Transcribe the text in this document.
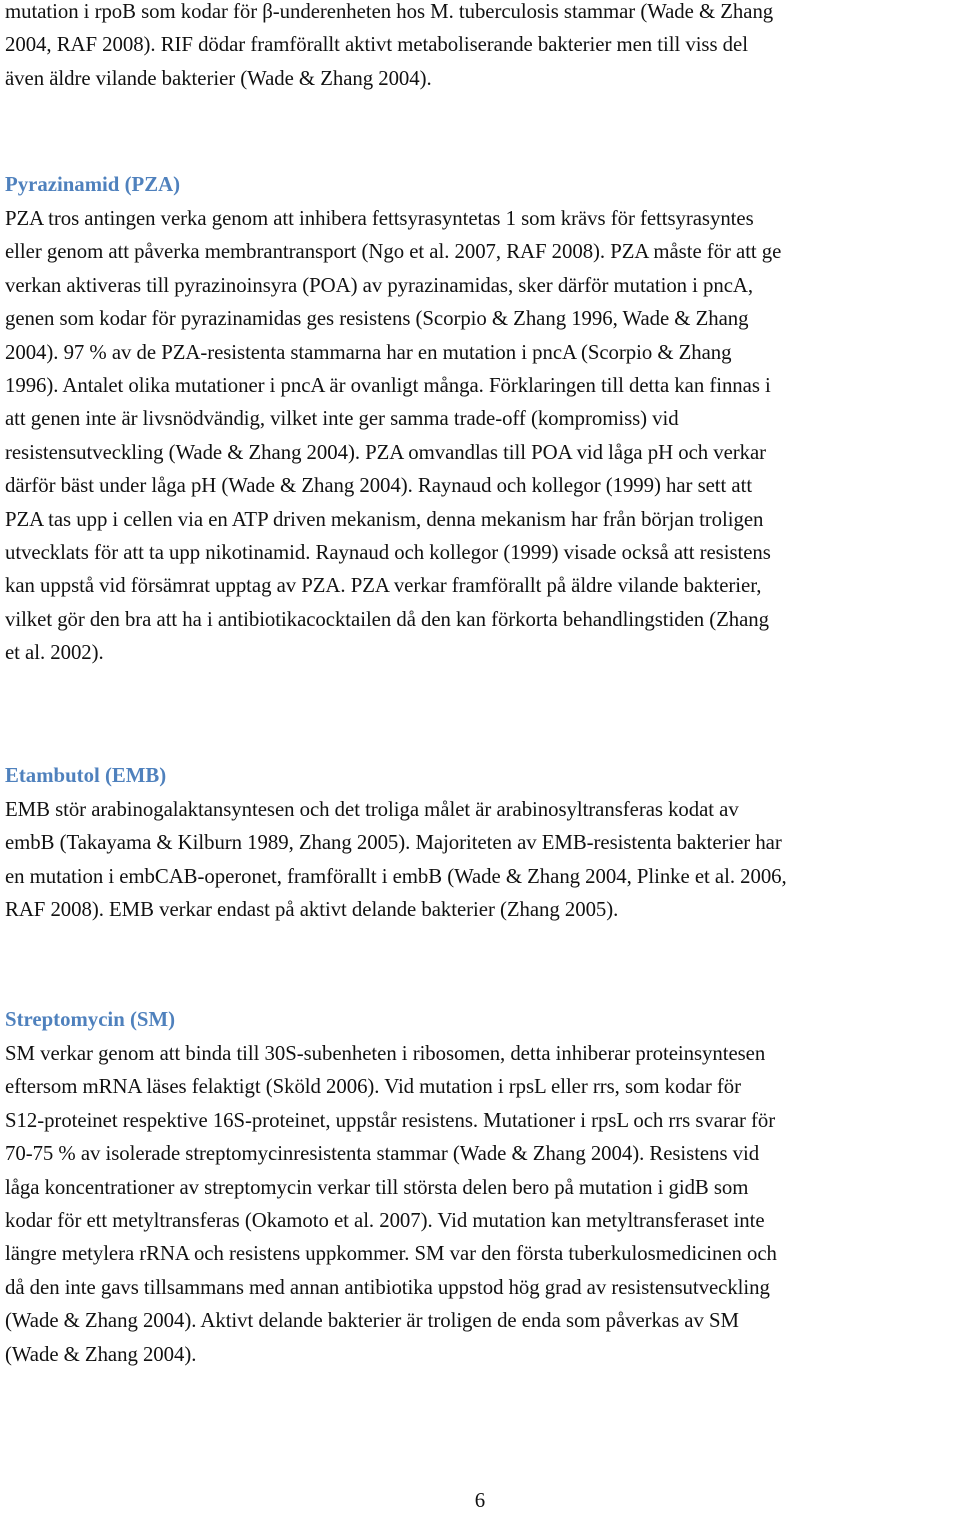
mutation i rpoB som kodar för β-underenheten hos M. tuberculosis stammar (Wade & Zhang
2004, RAF 2008). RIF dödar framförallt aktivt metaboliserande bakterier men till viss del
även äldre vilande bakterier (Wade & Zhang 2004).
Pyrazinamid (PZA)
PZA tros antingen verka genom att inhibera fettsyrasyntetas 1 som krävs för fettsyrasyntes
eller genom att påverka membrantransport (Ngo et al. 2007, RAF 2008). PZA måste för att ge
verkan aktiveras till pyrazinoinsyra (POA) av pyrazinamidas, sker därför mutation i pncA,
genen som kodar för pyrazinamidas ges resistens (Scorpio & Zhang 1996, Wade & Zhang
2004). 97 % av de PZA-resistenta stammarna har en mutation i pncA (Scorpio & Zhang
1996). Antalet olika mutationer i pncA är ovanligt många. Förklaringen till detta kan finnas i
att genen inte är livsnödvändig, vilket inte ger samma trade-off (kompromiss) vid
resistensutveckling (Wade & Zhang 2004). PZA omvandlas till POA vid låga pH och verkar
därför bäst under låga pH (Wade & Zhang 2004). Raynaud och kollegor (1999) har sett att
PZA tas upp i cellen via en ATP driven mekanism, denna mekanism har från början troligen
utvecklats för att ta upp nikotinamid. Raynaud och kollegor (1999) visade också att resistens
kan uppstå vid försämrat upptag av PZA. PZA verkar framförallt på äldre vilande bakterier,
vilket gör den bra att ha i antibiotikacocktailen då den kan förkorta behandlingstiden (Zhang
et al. 2002).
Etambutol (EMB)
EMB stör arabinogalaktansyntesen och det troliga målet är arabinosyltransferas kodat av
embB (Takayama & Kilburn 1989, Zhang 2005). Majoriteten av EMB-resistenta bakterier har
en mutation i embCAB-operonet, framförallt i embB (Wade & Zhang 2004, Plinke et al. 2006,
RAF 2008). EMB verkar endast på aktivt delande bakterier (Zhang 2005).
Streptomycin (SM)
SM verkar genom att binda till 30S-subenheten i ribosomen, detta inhiberar proteinsyntesen
eftersom mRNA läses felaktigt (Sköld 2006). Vid mutation i rpsL eller rrs, som kodar för
S12-proteinet respektive 16S-proteinet, uppstår resistens. Mutationer i rpsL och rrs svarar för
70-75 % av isolerade streptomycinresistenta stammar (Wade & Zhang 2004). Resistens vid
låga koncentrationer av streptomycin verkar till största delen bero på mutation i gidB som
kodar för ett metyltransferas (Okamoto et al. 2007). Vid mutation kan metyltransferaset inte
längre metylera rRNA och resistens uppkommer. SM var den första tuberkulosmedicinen och
då den inte gavs tillsammans med annan antibiotika uppstod hög grad av resistensutveckling
(Wade & Zhang 2004). Aktivt delande bakterier är troligen de enda som påverkas av SM
(Wade & Zhang 2004).
6
